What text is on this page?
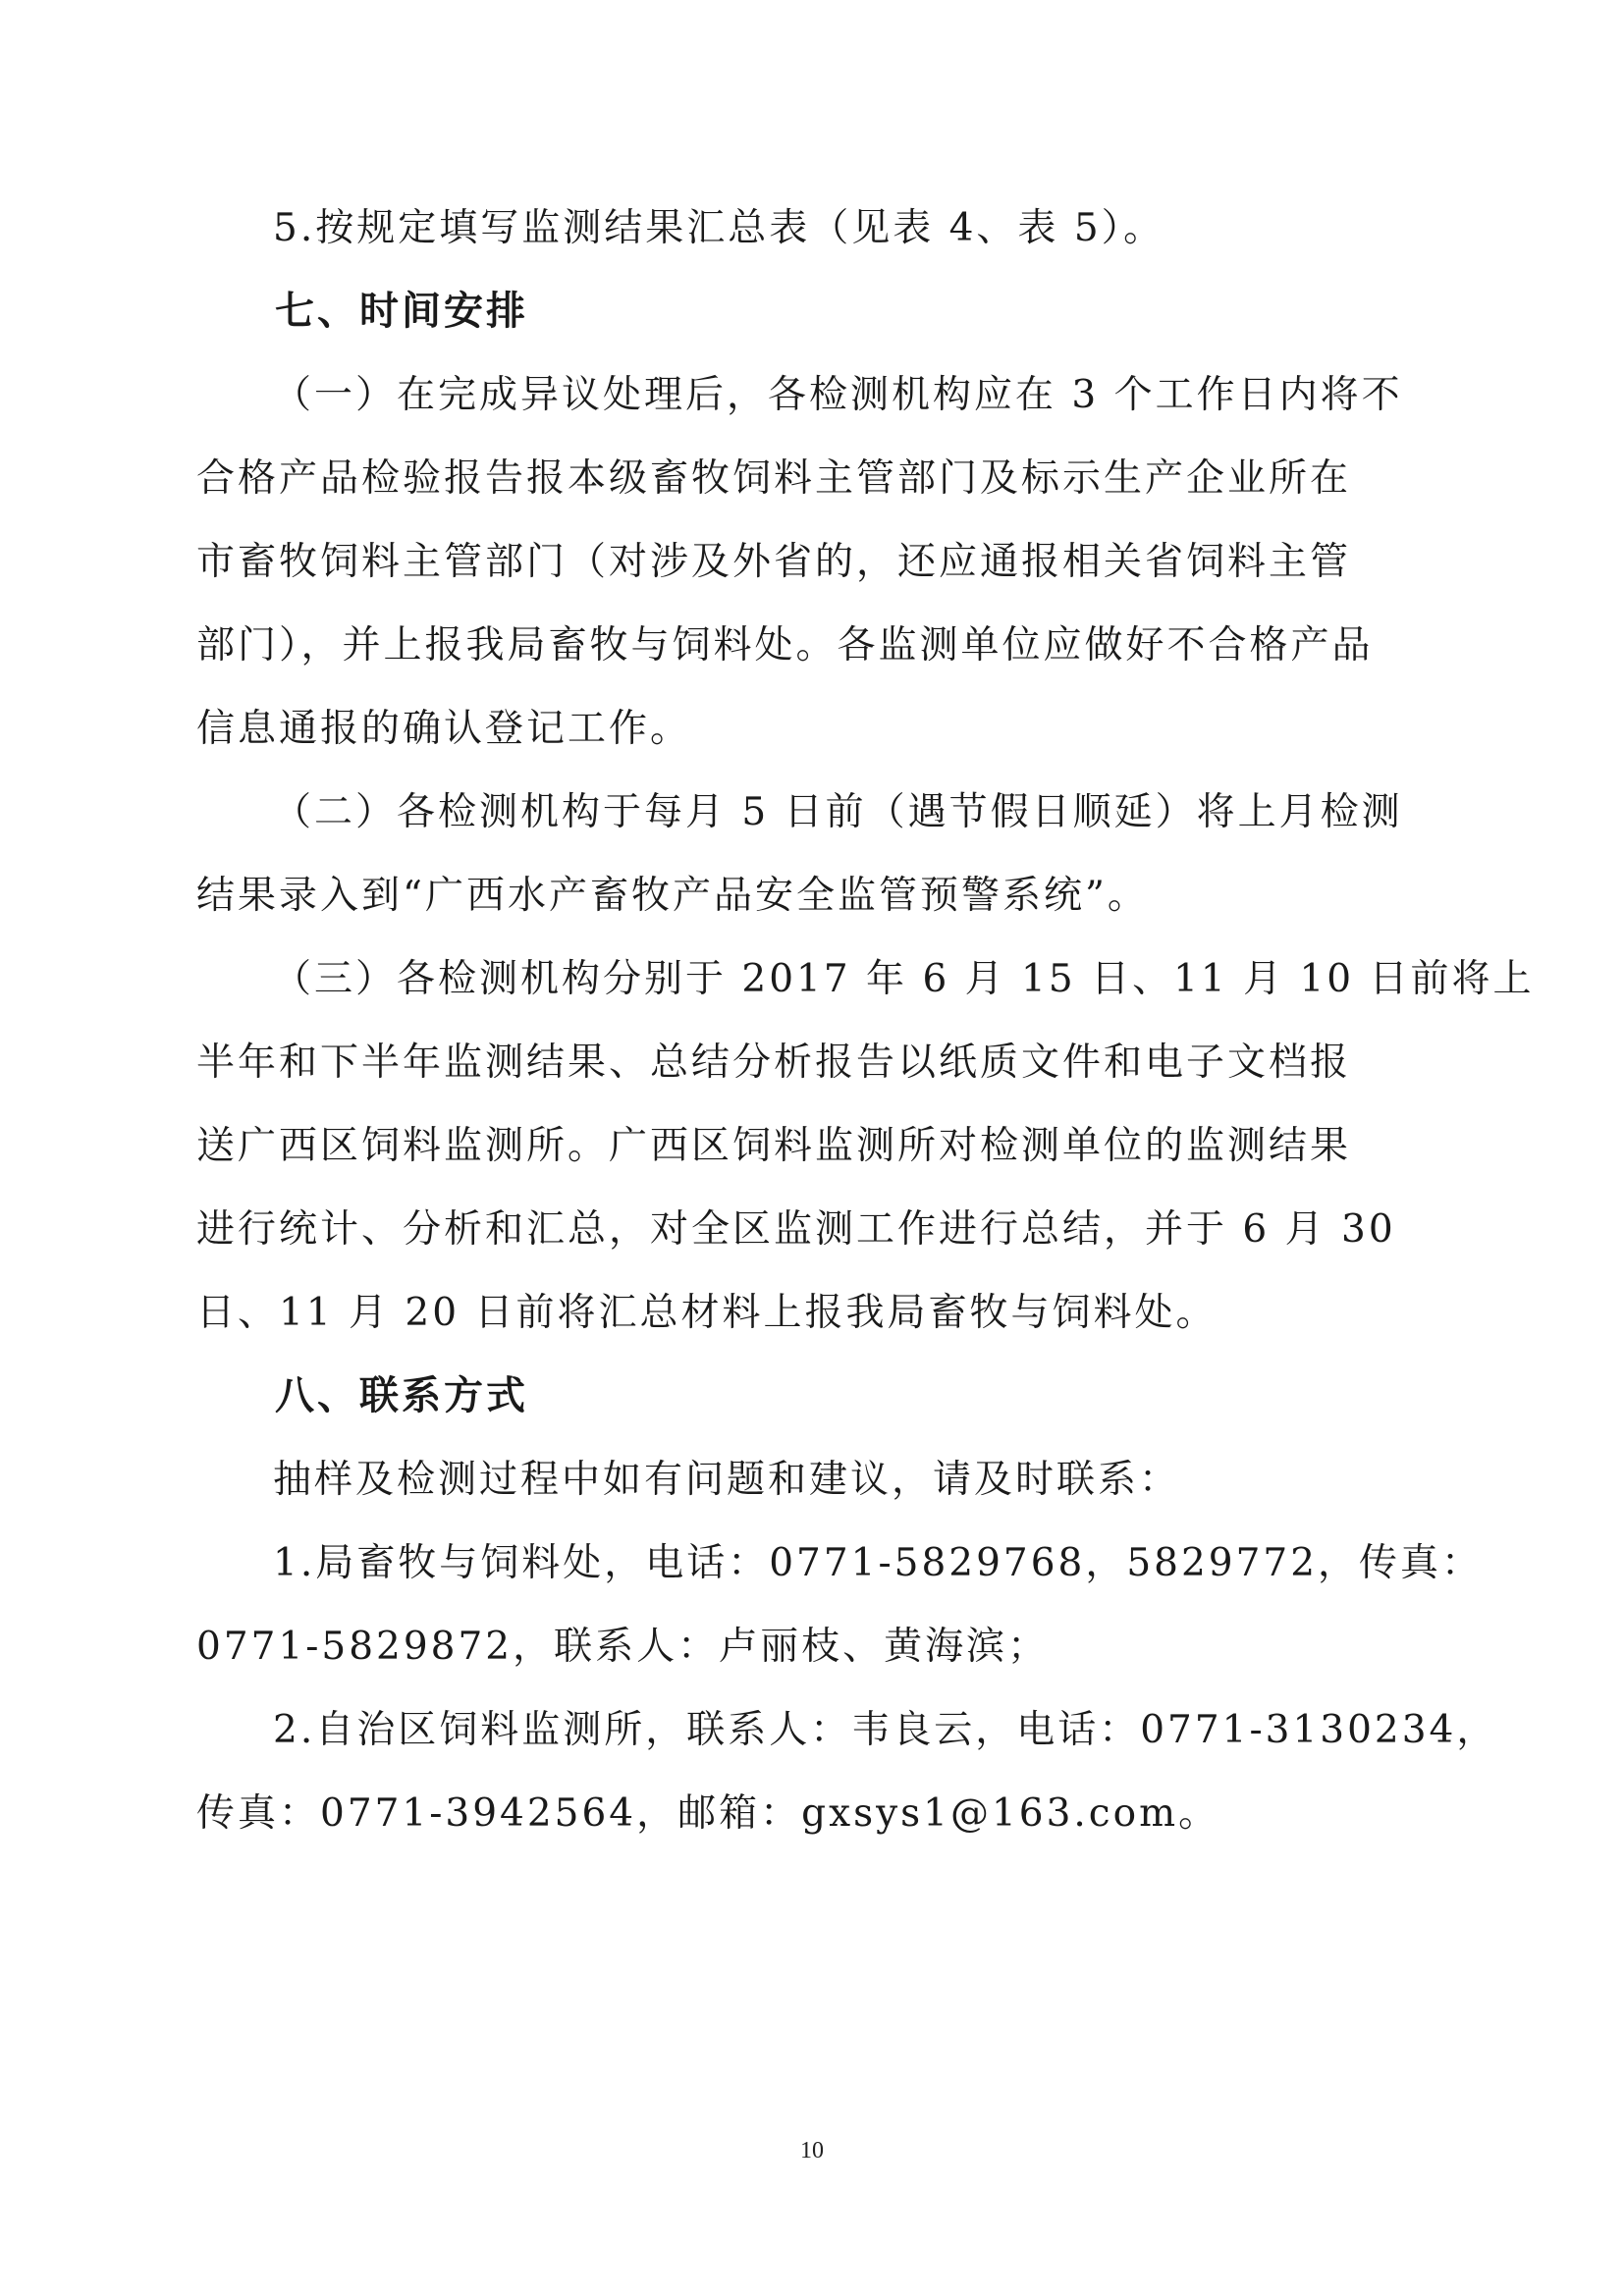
5.按规定填写监测结果汇总表（见表 4、表 5）。
七、时间安排
（一）在完成异议处理后，各检测机构应在 3 个工作日内将不
合格产品检验报告报本级畜牧饲料主管部门及标示生产企业所在
市畜牧饲料主管部门（对涉及外省的，还应通报相关省饲料主管
部门），并上报我局畜牧与饲料处。各监测单位应做好不合格产品
信息通报的确认登记工作。
（二）各检测机构于每月 5 日前（遇节假日顺延）将上月检测
结果录入到“广西水产畜牧产品安全监管预警系统”。
（三）各检测机构分别于 2017 年 6 月 15 日、11 月 10 日前将上
半年和下半年监测结果、总结分析报告以纸质文件和电子文档报
送广西区饲料监测所。广西区饲料监测所对检测单位的监测结果
进行统计、分析和汇总，对全区监测工作进行总结，并于 6 月 30
日、11 月 20 日前将汇总材料上报我局畜牧与饲料处。
八、联系方式
抽样及检测过程中如有问题和建议，请及时联系：
1.局畜牧与饲料处，电话：0771-5829768，5829772，传真：
0771-5829872，联系人：卢丽枝、黄海滨；
2.自治区饲料监测所，联系人：韦良云，电话：0771-3130234，
传真：0771-3942564，邮箱：gxsys1@163.com。
10
